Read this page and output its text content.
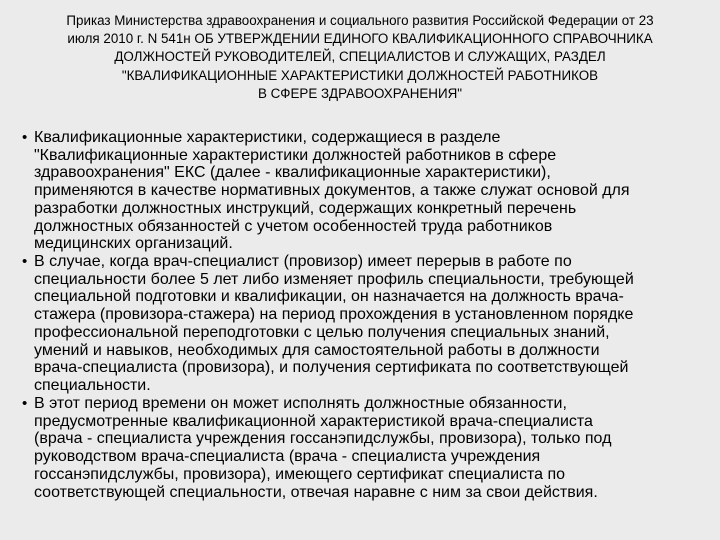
Приказ Министерства здравоохранения и социального развития Российской Федерации от 23
июля 2010 г. N 541н ОБ УТВЕРЖДЕНИИ ЕДИНОГО КВАЛИФИКАЦИОННОГО СПРАВОЧНИКА
ДОЛЖНОСТЕЙ РУКОВОДИТЕЛЕЙ, СПЕЦИАЛИСТОВ И СЛУЖАЩИХ, РАЗДЕЛ
"КВАЛИФИКАЦИОННЫЕ ХАРАКТЕРИСТИКИ ДОЛЖНОСТЕЙ РАБОТНИКОВ
В СФЕРЕ ЗДРАВООХРАНЕНИЯ"
• Квалификационные характеристики, содержащиеся в разделе
"Квалификационные характеристики должностей работников в сфере
здравоохранения" ЕКС (далее - квалификационные характеристики),
применяются в качестве нормативных документов, а также служат основой для
разработки должностных инструкций, содержащих конкретный перечень
должностных обязанностей с учетом особенностей труда работников
медицинских организаций.
• В случае, когда врач-специалист (провизор) имеет перерыв в работе по
специальности более 5 лет либо изменяет профиль специальности, требующей
специальной подготовки и квалификации, он назначается на должность врача-
стажера (провизора-стажера) на период прохождения в установленном порядке
профессиональной переподготовки с целью получения специальных знаний,
умений и навыков, необходимых для самостоятельной работы в должности
врача-специалиста (провизора), и получения сертификата по соответствующей
специальности.
• В этот период времени он может исполнять должностные обязанности,
предусмотренные квалификационной характеристикой врача-специалиста
(врача - специалиста учреждения госсанэпидслужбы, провизора), только под
руководством врача-специалиста (врача - специалиста учреждения
госсанэпидслужбы, провизора), имеющего сертификат специалиста по
соответствующей специальности, отвечая наравне с ним за свои действия.
